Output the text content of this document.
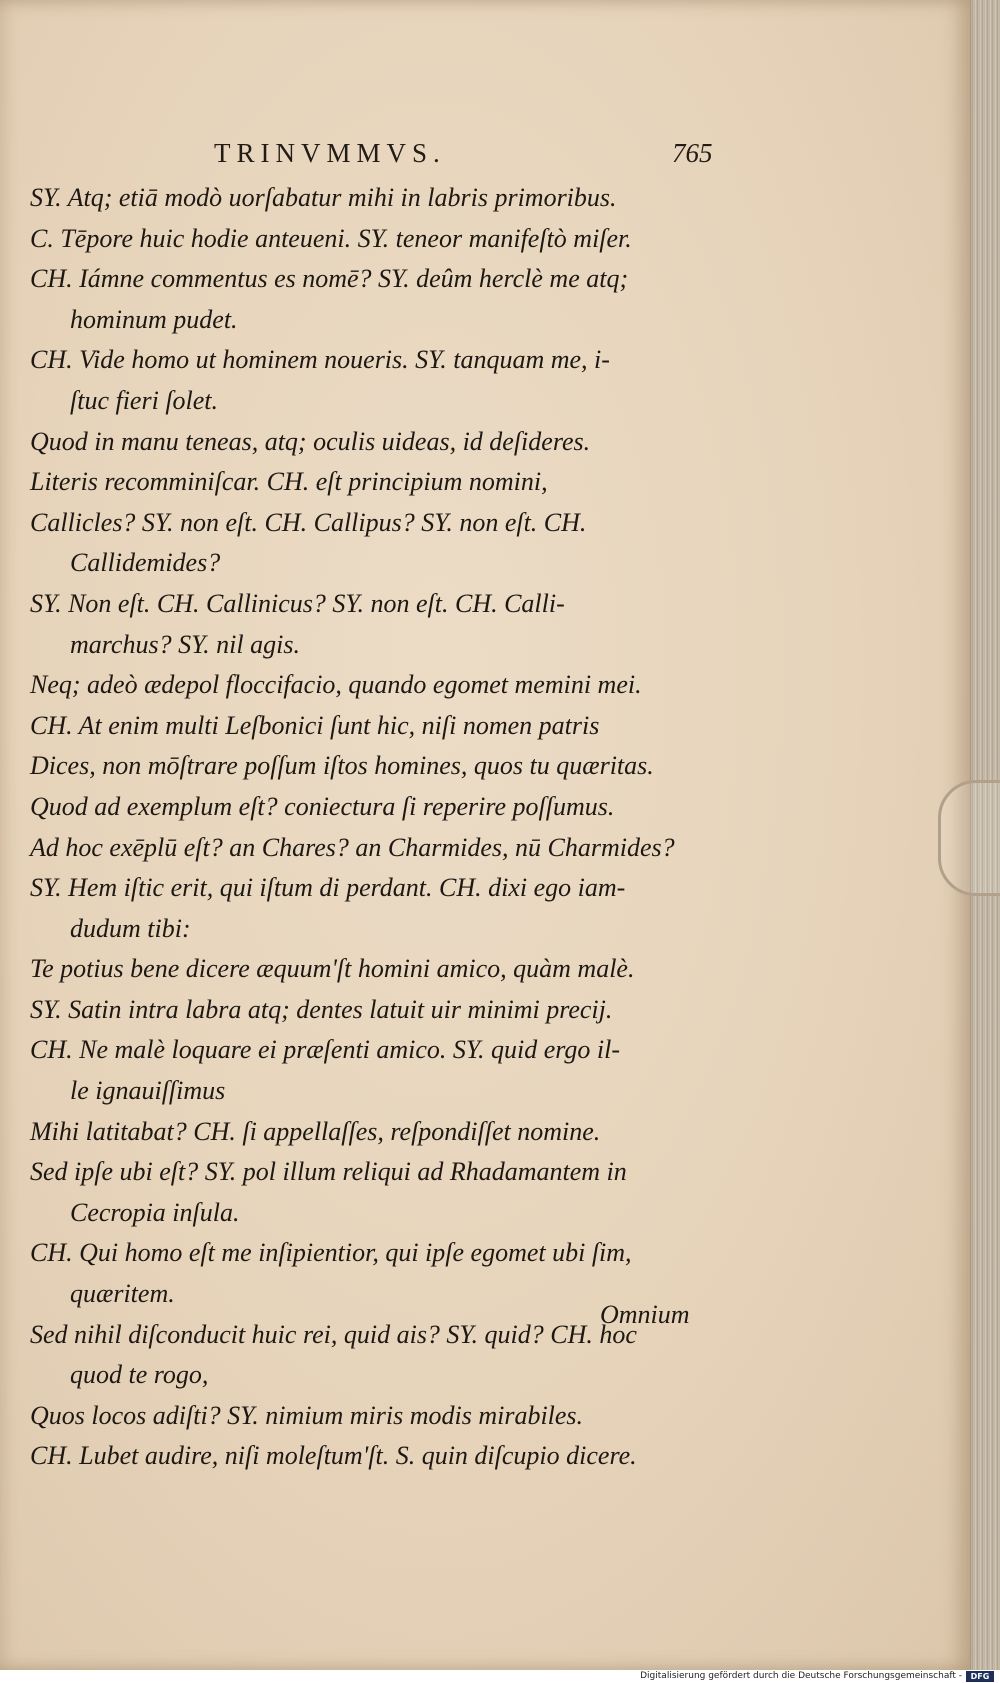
TRINVMMVS.	765
SY. Atq; etiā modò uorſabatur mihi in labris primoribus.
C. Tēpore huic hodie anteueni. SY. teneor manifeſtò miſer.
CH. Iámne commentus es nomē? SY. deûm herclè me atq;
hominum pudet.
CH. Vide homo ut hominem noueris. SY. tanquam me, i-
ſtuc fieri ſolet.
Quod in manu teneas, atq; oculis uideas, id deſideres.
Literis recomminiſcar. CH. eſt principium nomini,
Callicles? SY. non eſt. CH. Callipus? SY. non eſt. CH.
Callidemides?
SY. Non eſt. CH. Callinicus? SY. non eſt. CH. Calli-
marchus? SY. nil agis.
Neq; adeò ædepol floccifacio, quando egomet memini mei.
CH. At enim multi Leſbonici ſunt hic, niſi nomen patris
Dices, non mōſtrare poſſum iſtos homines, quos tu quæritas.
Quod ad exemplum eſt? coniectura ſi reperire poſſumus.
Ad hoc exēplū eſt? an Chares? an Charmides, nū Charmides?
SY. Hem iſtic erit, qui iſtum di perdant. CH. dixi ego iam-
dudum tibi:
Te potius bene dicere æquum'ſt homini amico, quàm malè.
SY. Satin intra labra atq; dentes latuit uir minimi precij.
CH. Ne malè loquare ei præſenti amico. SY. quid ergo il-
le ignauiſſimus
Mihi latitabat? CH. ſi appellaſſes, reſpondiſſet nomine.
Sed ipſe ubi eſt? SY. pol illum reliqui ad Rhadamantem in
Cecropia inſula.
CH. Qui homo eſt me inſipientior, qui ipſe egomet ubi ſim,
quæritem.
Sed nihil diſconducit huic rei, quid ais? SY. quid? CH. hoc
quod te rogo,
Quos locos adiſti? SY. nimium miris modis mirabiles.
CH. Lubet audire, niſi moleſtum'ſt. S. quin diſcupio dicere.
Omnium
Digitalisierung gefördert durch die Deutsche Forschungsgemeinschaft -	DFG
